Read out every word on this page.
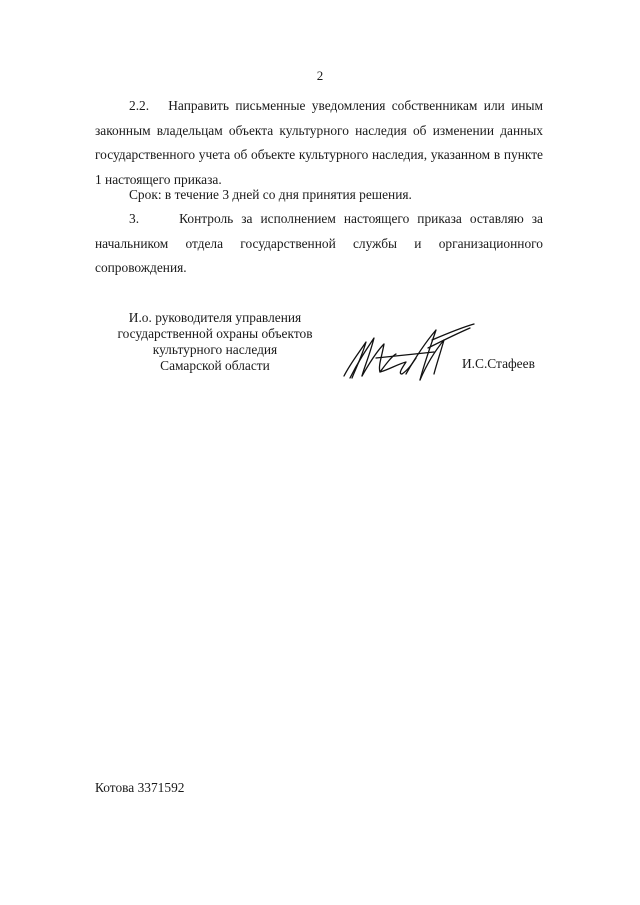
2

2.2.   Направить письменные уведомления собственникам или иным законным владельцам объекта культурного наследия об изменении данных государственного учета об объекте культурного наследия, указанном в пункте 1 настоящего приказа.

Срок: в течение 3 дней со дня принятия решения.

3.     Контроль за исполнением настоящего приказа оставляю за начальником отдела государственной службы и организационного сопровождения.

И.о. руководителя управления
государственной охраны объектов
культурного наследия
Самарской области	И.С.Стафеев
Котова 3371592
